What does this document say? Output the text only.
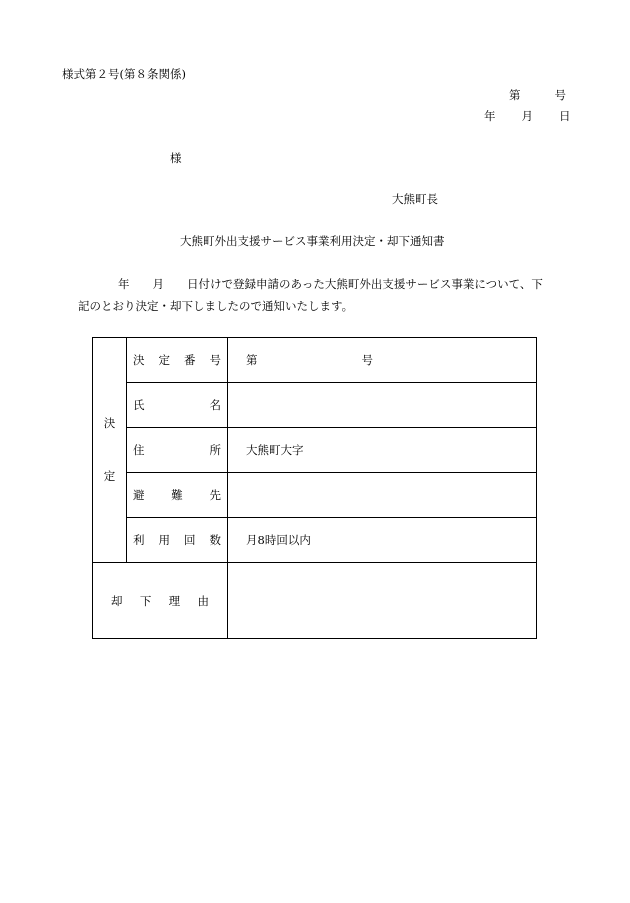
様式第２号(第８条関係)
第	号
年 月 日
様
大熊町長
大熊町外出支援サービス事業利用決定・却下通知書
年　　月　　日付けで登録申請のあった大熊町外出支援サービス事業について、下
記のとおり決定・却下しましたので通知いたします。
決
定	決 定 番 号	第 号

	氏 名	

	住 所	大熊町大字

	避 難 先	

	利 用 回 数	月8時回以内

却 下 理 由		
